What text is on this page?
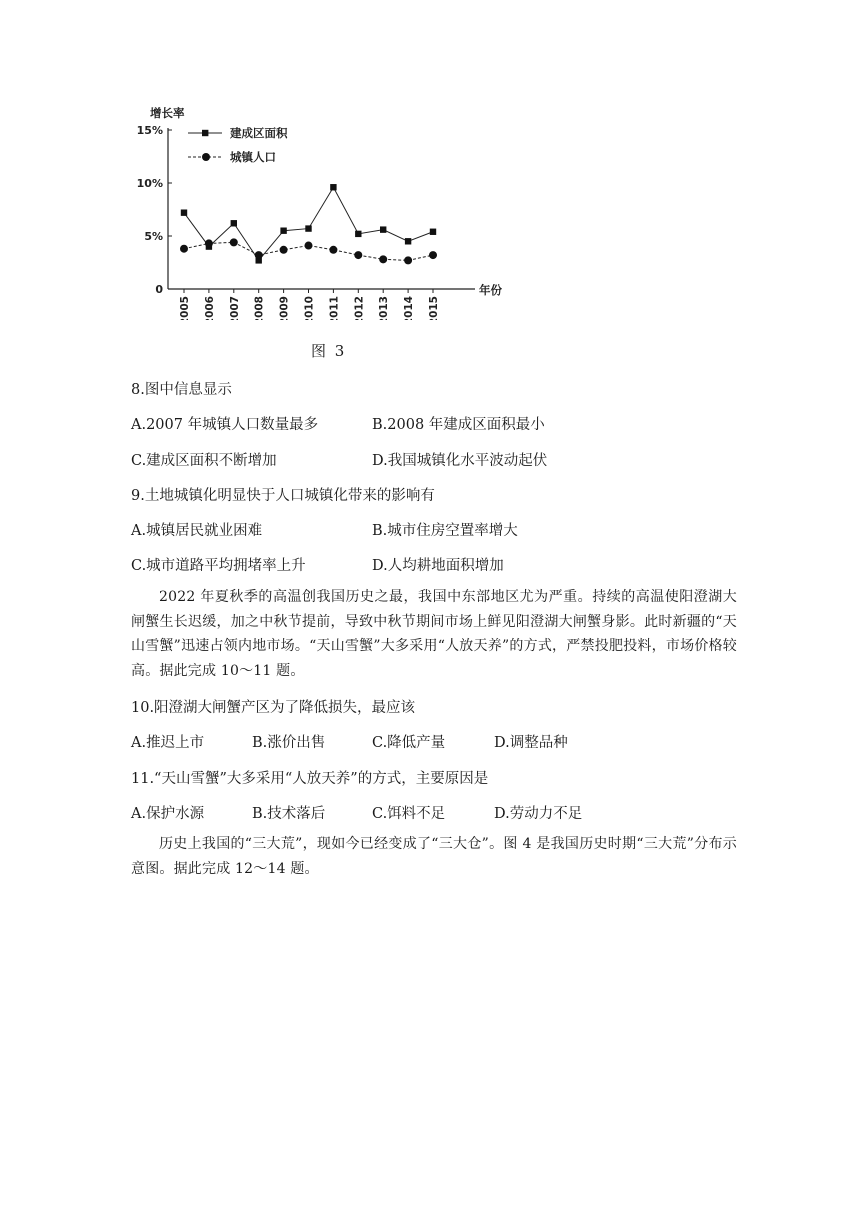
增长率
年份
0
5%
10%
15%
2005 2006 2007 2008 2009 2010 2011 2012 2013 2014 2015
建成区面积
城镇人口
图 3
8.图中信息显示
A.2007 年城镇人口数量最多	B.2008 年建成区面积最小
C.建成区面积不断增加	D.我国城镇化水平波动起伏
9.土地城镇化明显快于人口城镇化带来的影响有
A.城镇居民就业困难	B.城市住房空置率增大
C.城市道路平均拥堵率上升	D.人均耕地面积增加
2022 年夏秋季的高温创我国历史之最，我国中东部地区尤为严重。持续的高温使阳澄湖大闸蟹生长迟缓，加之中秋节提前，导致中秋节期间市场上鲜见阳澄湖大闸蟹身影。此时新疆的“天山雪蟹”迅速占领内地市场。“天山雪蟹”大多采用“人放天养”的方式，严禁投肥投料，市场价格较高。据此完成 10～11 题。
10.阳澄湖大闸蟹产区为了降低损失，最应该
A.推迟上市	B.涨价出售	C.降低产量	D.调整品种
11.“天山雪蟹”大多采用“人放天养”的方式，主要原因是
A.保护水源	B.技术落后	C.饵料不足	D.劳动力不足
历史上我国的“三大荒”，现如今已经变成了“三大仓”。图 4 是我国历史时期“三大荒”分布示意图。据此完成 12～14 题。
